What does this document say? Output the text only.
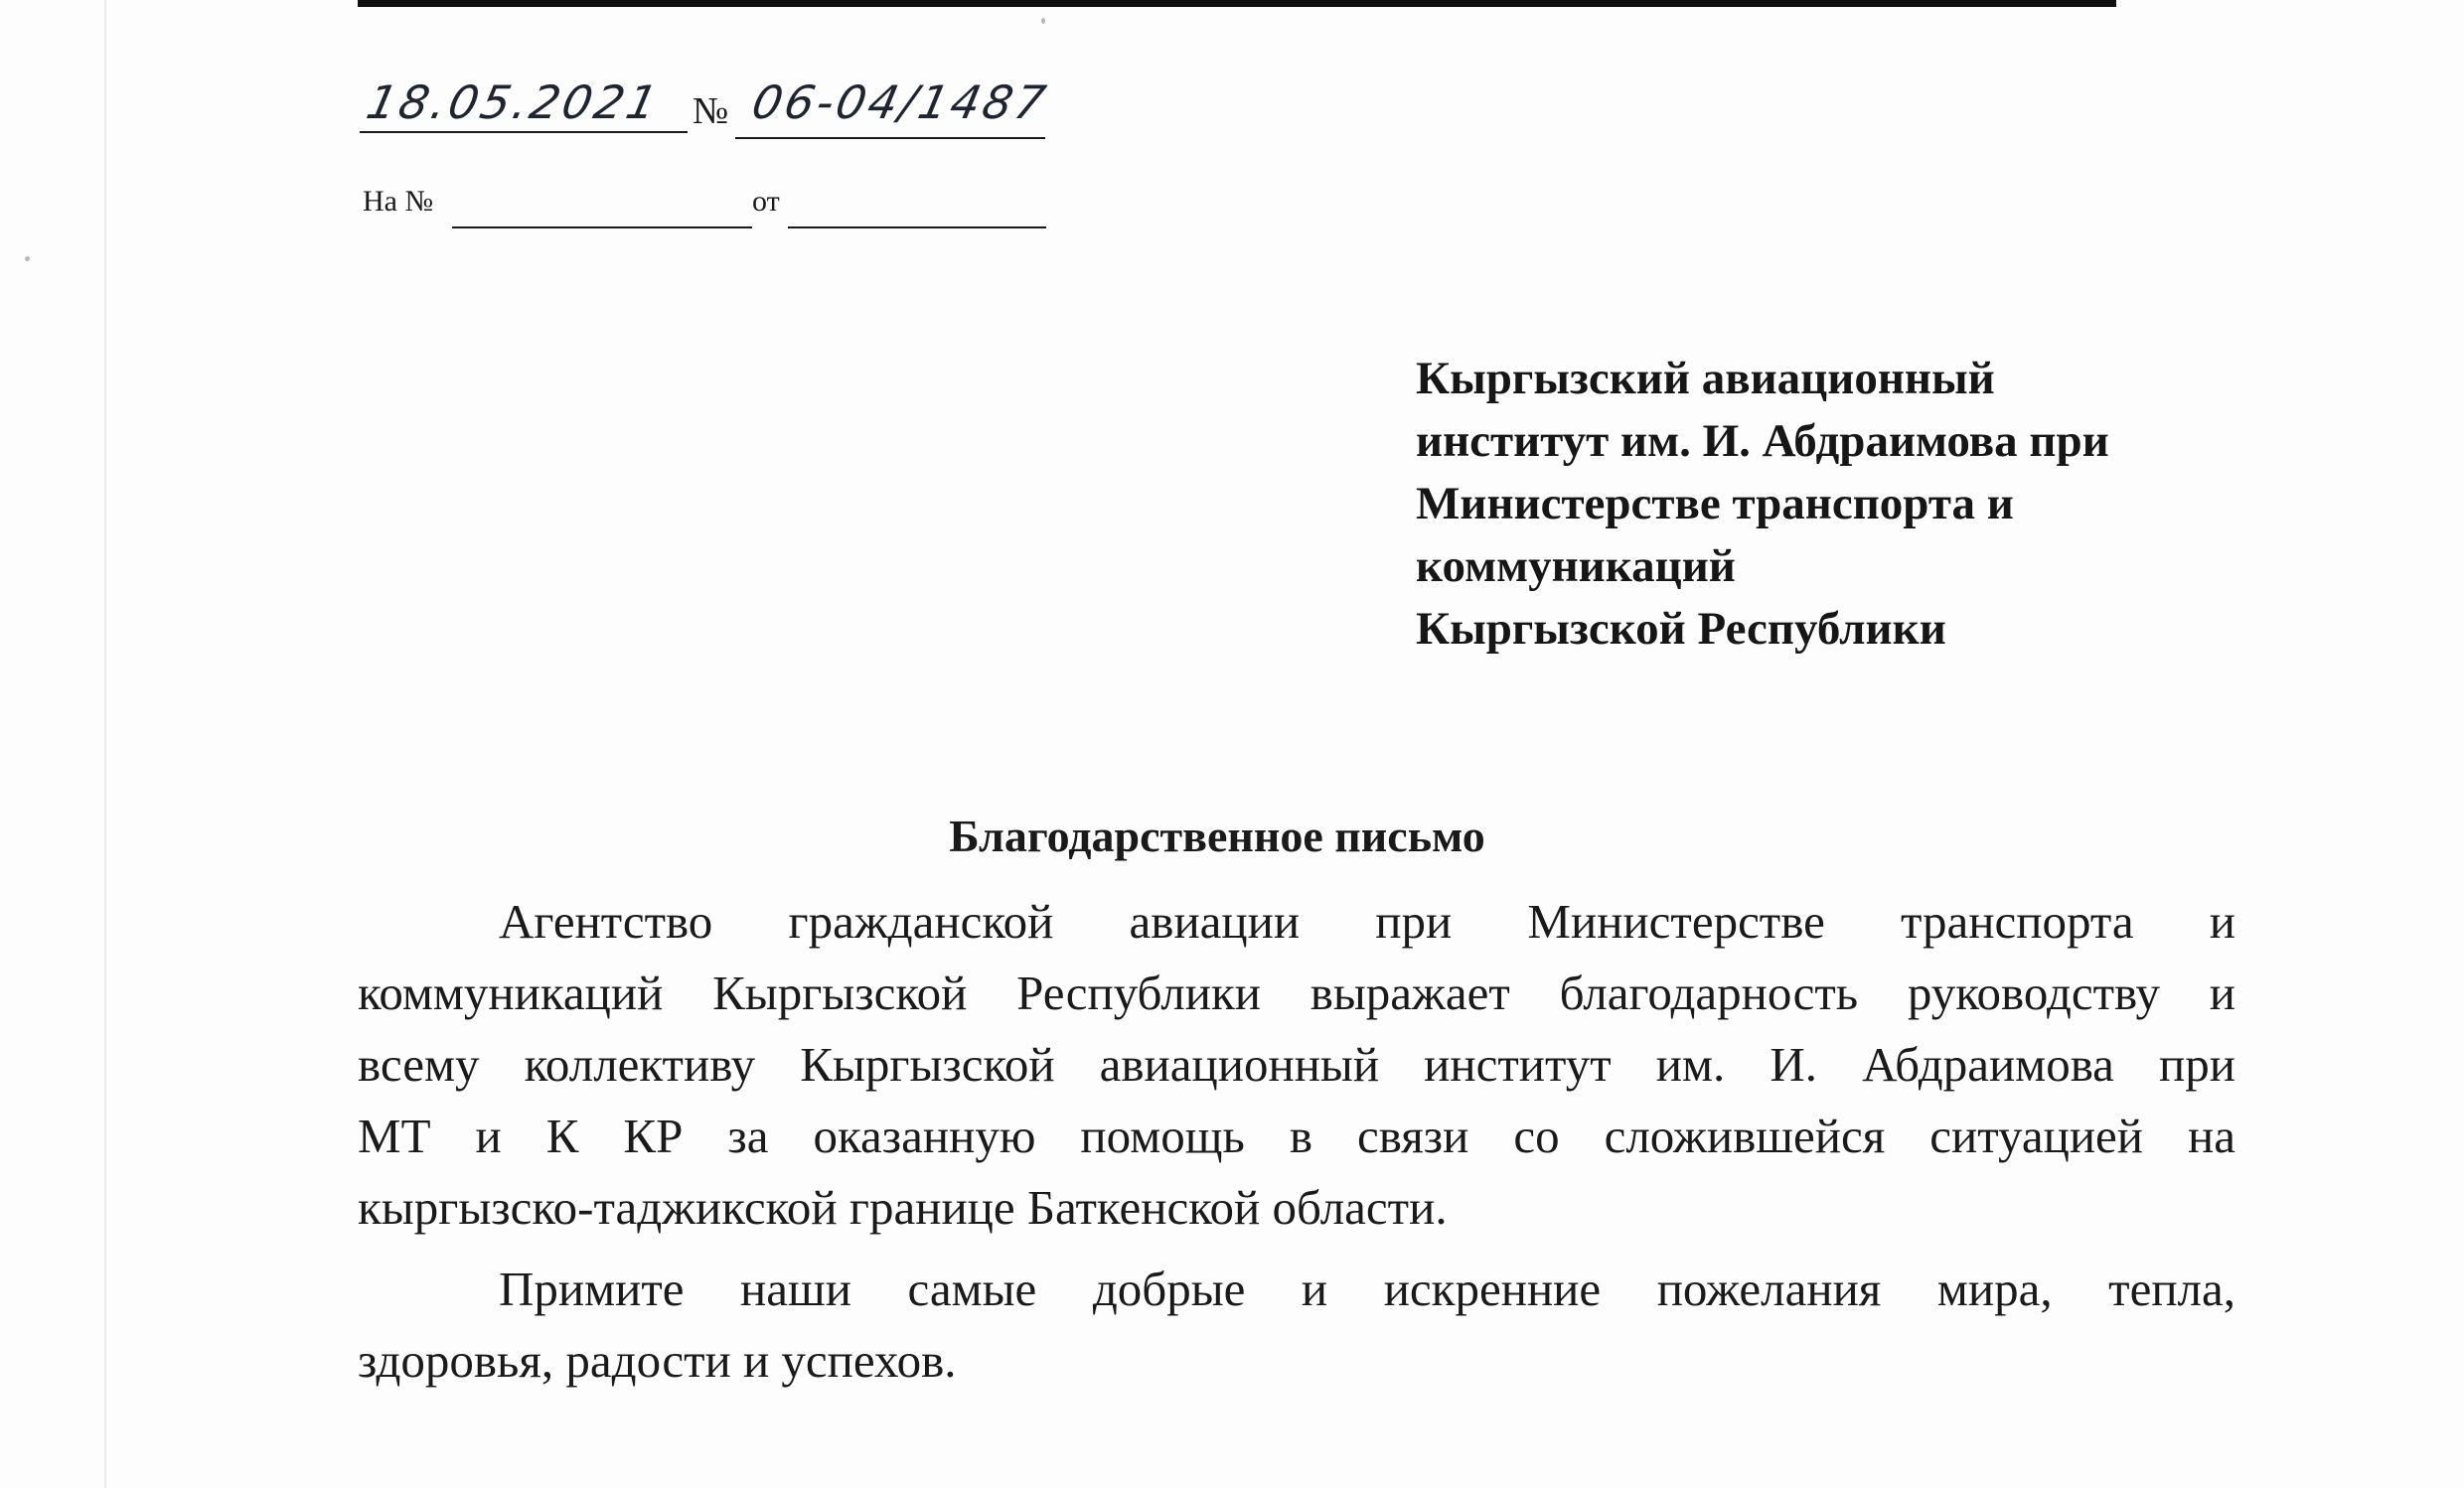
18.05.2021 № 06-04/1487
На №	от
Кыргызский авиационный
институт им. И. Абдраимова при
Министерстве транспорта и
коммуникаций
Кыргызской Республики
Благодарственное письмо
Агентство гражданской авиации при Министерстве транспорта и
коммуникаций Кыргызской Республики выражает благодарность руководству и
всему коллективу Кыргызской авиационный институт им. И. Абдраимова при
МТ и К КР за оказанную помощь в связи со сложившейся ситуацией на
кыргызско-таджикской границе Баткенской области.
Примите наши самые добрые и искренние пожелания мира, тепла,
здоровья, радости и успехов.
